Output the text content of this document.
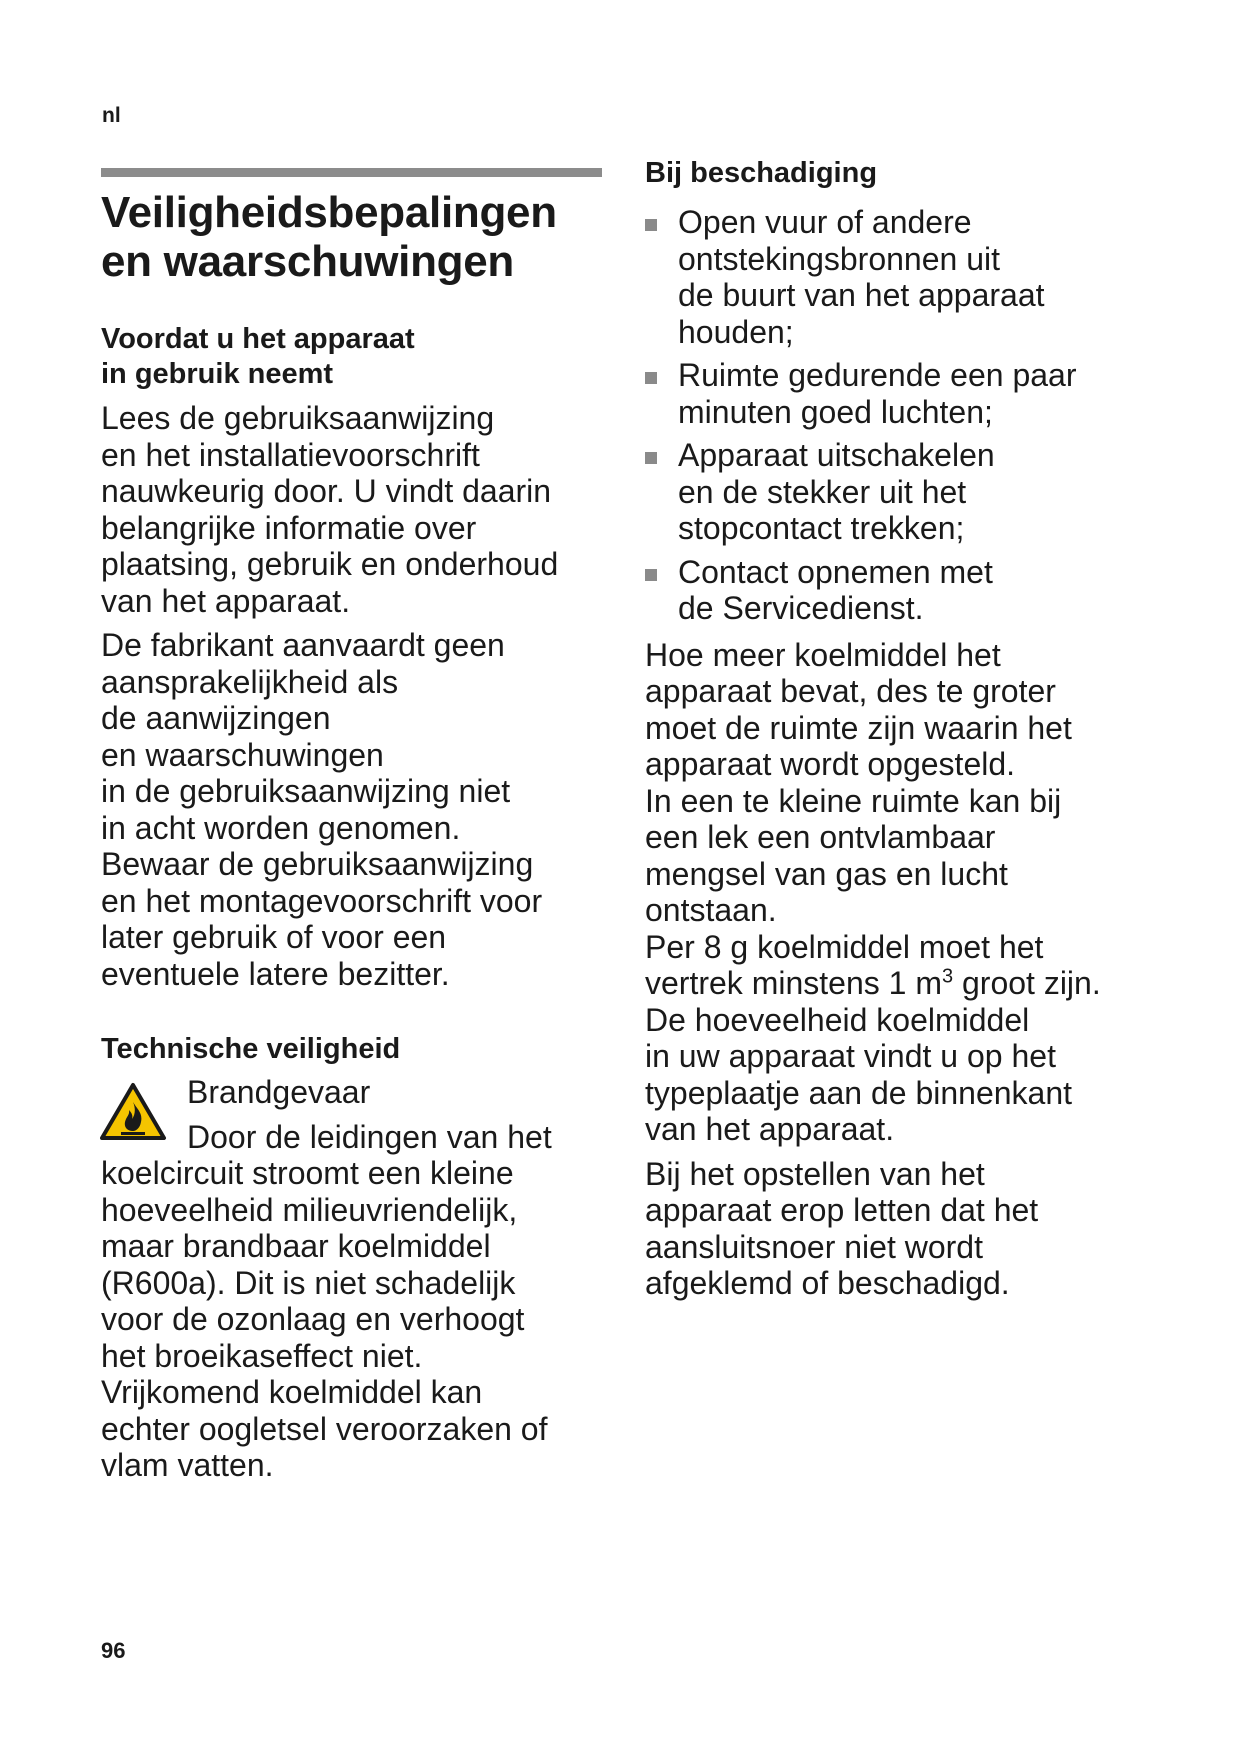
nl
Veiligheidsbepalingen
en waarschuwingen
Voordat u het apparaat
in gebruik neemt

Lees de gebruiksaanwijzing
en het installatievoorschrift
nauwkeurig door. U vindt daarin
belangrijke informatie over
plaatsing, gebruik en onderhoud
van het apparaat.

De fabrikant aanvaardt geen
aansprakelijkheid als
de aanwijzingen
en waarschuwingen
in de gebruiksaanwijzing niet
in acht worden genomen.
Bewaar de gebruiksaanwijzing
en het montagevoorschrift voor
later gebruik of voor een
eventuele latere bezitter.

Technische veiligheid

Brandgevaar

Door de leidingen van het
koelcircuit stroomt een kleine
hoeveelheid milieuvriendelijk,
maar brandbaar koelmiddel
(R600a). Dit is niet schadelijk
voor de ozonlaag en verhoogt
het broeikaseffect niet.
Vrijkomend koelmiddel kan
echter oogletsel veroorzaken of
vlam vatten.

Bij beschadiging
Open vuur of andere
ontstekingsbronnen uit
de buurt van het apparaat
houden;
Ruimte gedurende een paar
minuten goed luchten;
Apparaat uitschakelen
en de stekker uit het
stopcontact trekken;
Contact opnemen met
de Servicedienst.

Hoe meer koelmiddel het
apparaat bevat, des te groter
moet de ruimte zijn waarin het
apparaat wordt opgesteld.
In een te kleine ruimte kan bij
een lek een ontvlambaar
mengsel van gas en lucht
ontstaan.
Per 8 g koelmiddel moet het
vertrek minstens 1 $m^3$ groot zijn.
De hoeveelheid koelmiddel
in uw apparaat vindt u op het
typeplaatje aan de binnenkant
van het apparaat.

Bij het opstellen van het
apparaat erop letten dat het
aansluitsnoer niet wordt
afgeklemd of beschadigd.

96
